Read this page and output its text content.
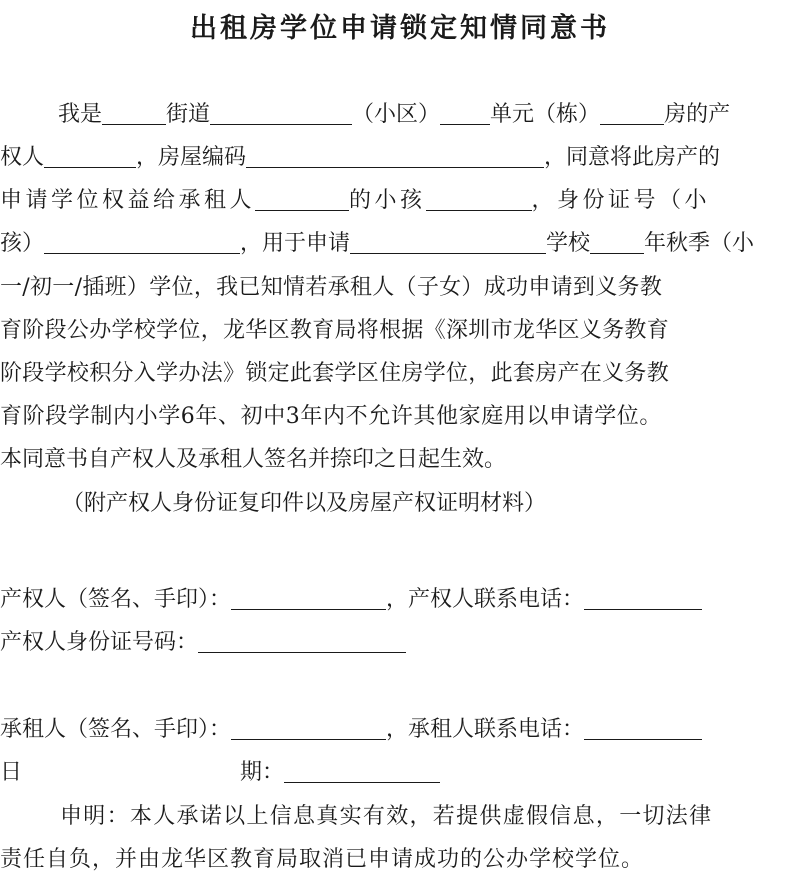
出租房学位申请锁定知情同意书
我是	街道	（小区） 单元（栋）	房的产
权人	，房屋编码	，同意将此房产的
申请学位权益给承租人	的小孩	，身份证号（小
孩）	，用于申请	学校 年秋季（小
一/初一/插班）学位，我已知情若承租人（子女）成功申请到义务教
育阶段公办学校学位，龙华区教育局将根据《深圳市龙华区义务教育
阶段学校积分入学办法》锁定此套学区住房学位，此套房产在义务教
育阶段学制内小学6年、初中3年内不允许其他家庭用以申请学位。
本同意书自产权人及承租人签名并捺印之日起生效。
（附产权人身份证复印件以及房屋产权证明材料）
产权人（签名、手印）：	，产权人联系电话：
产权人身份证号码：
承租人（签名、手印）：	，承租人联系电话：
日	期：
申明：本人承诺以上信息真实有效，若提供虚假信息，一切法律
责任自负，并由龙华区教育局取消已申请成功的公办学校学位。
